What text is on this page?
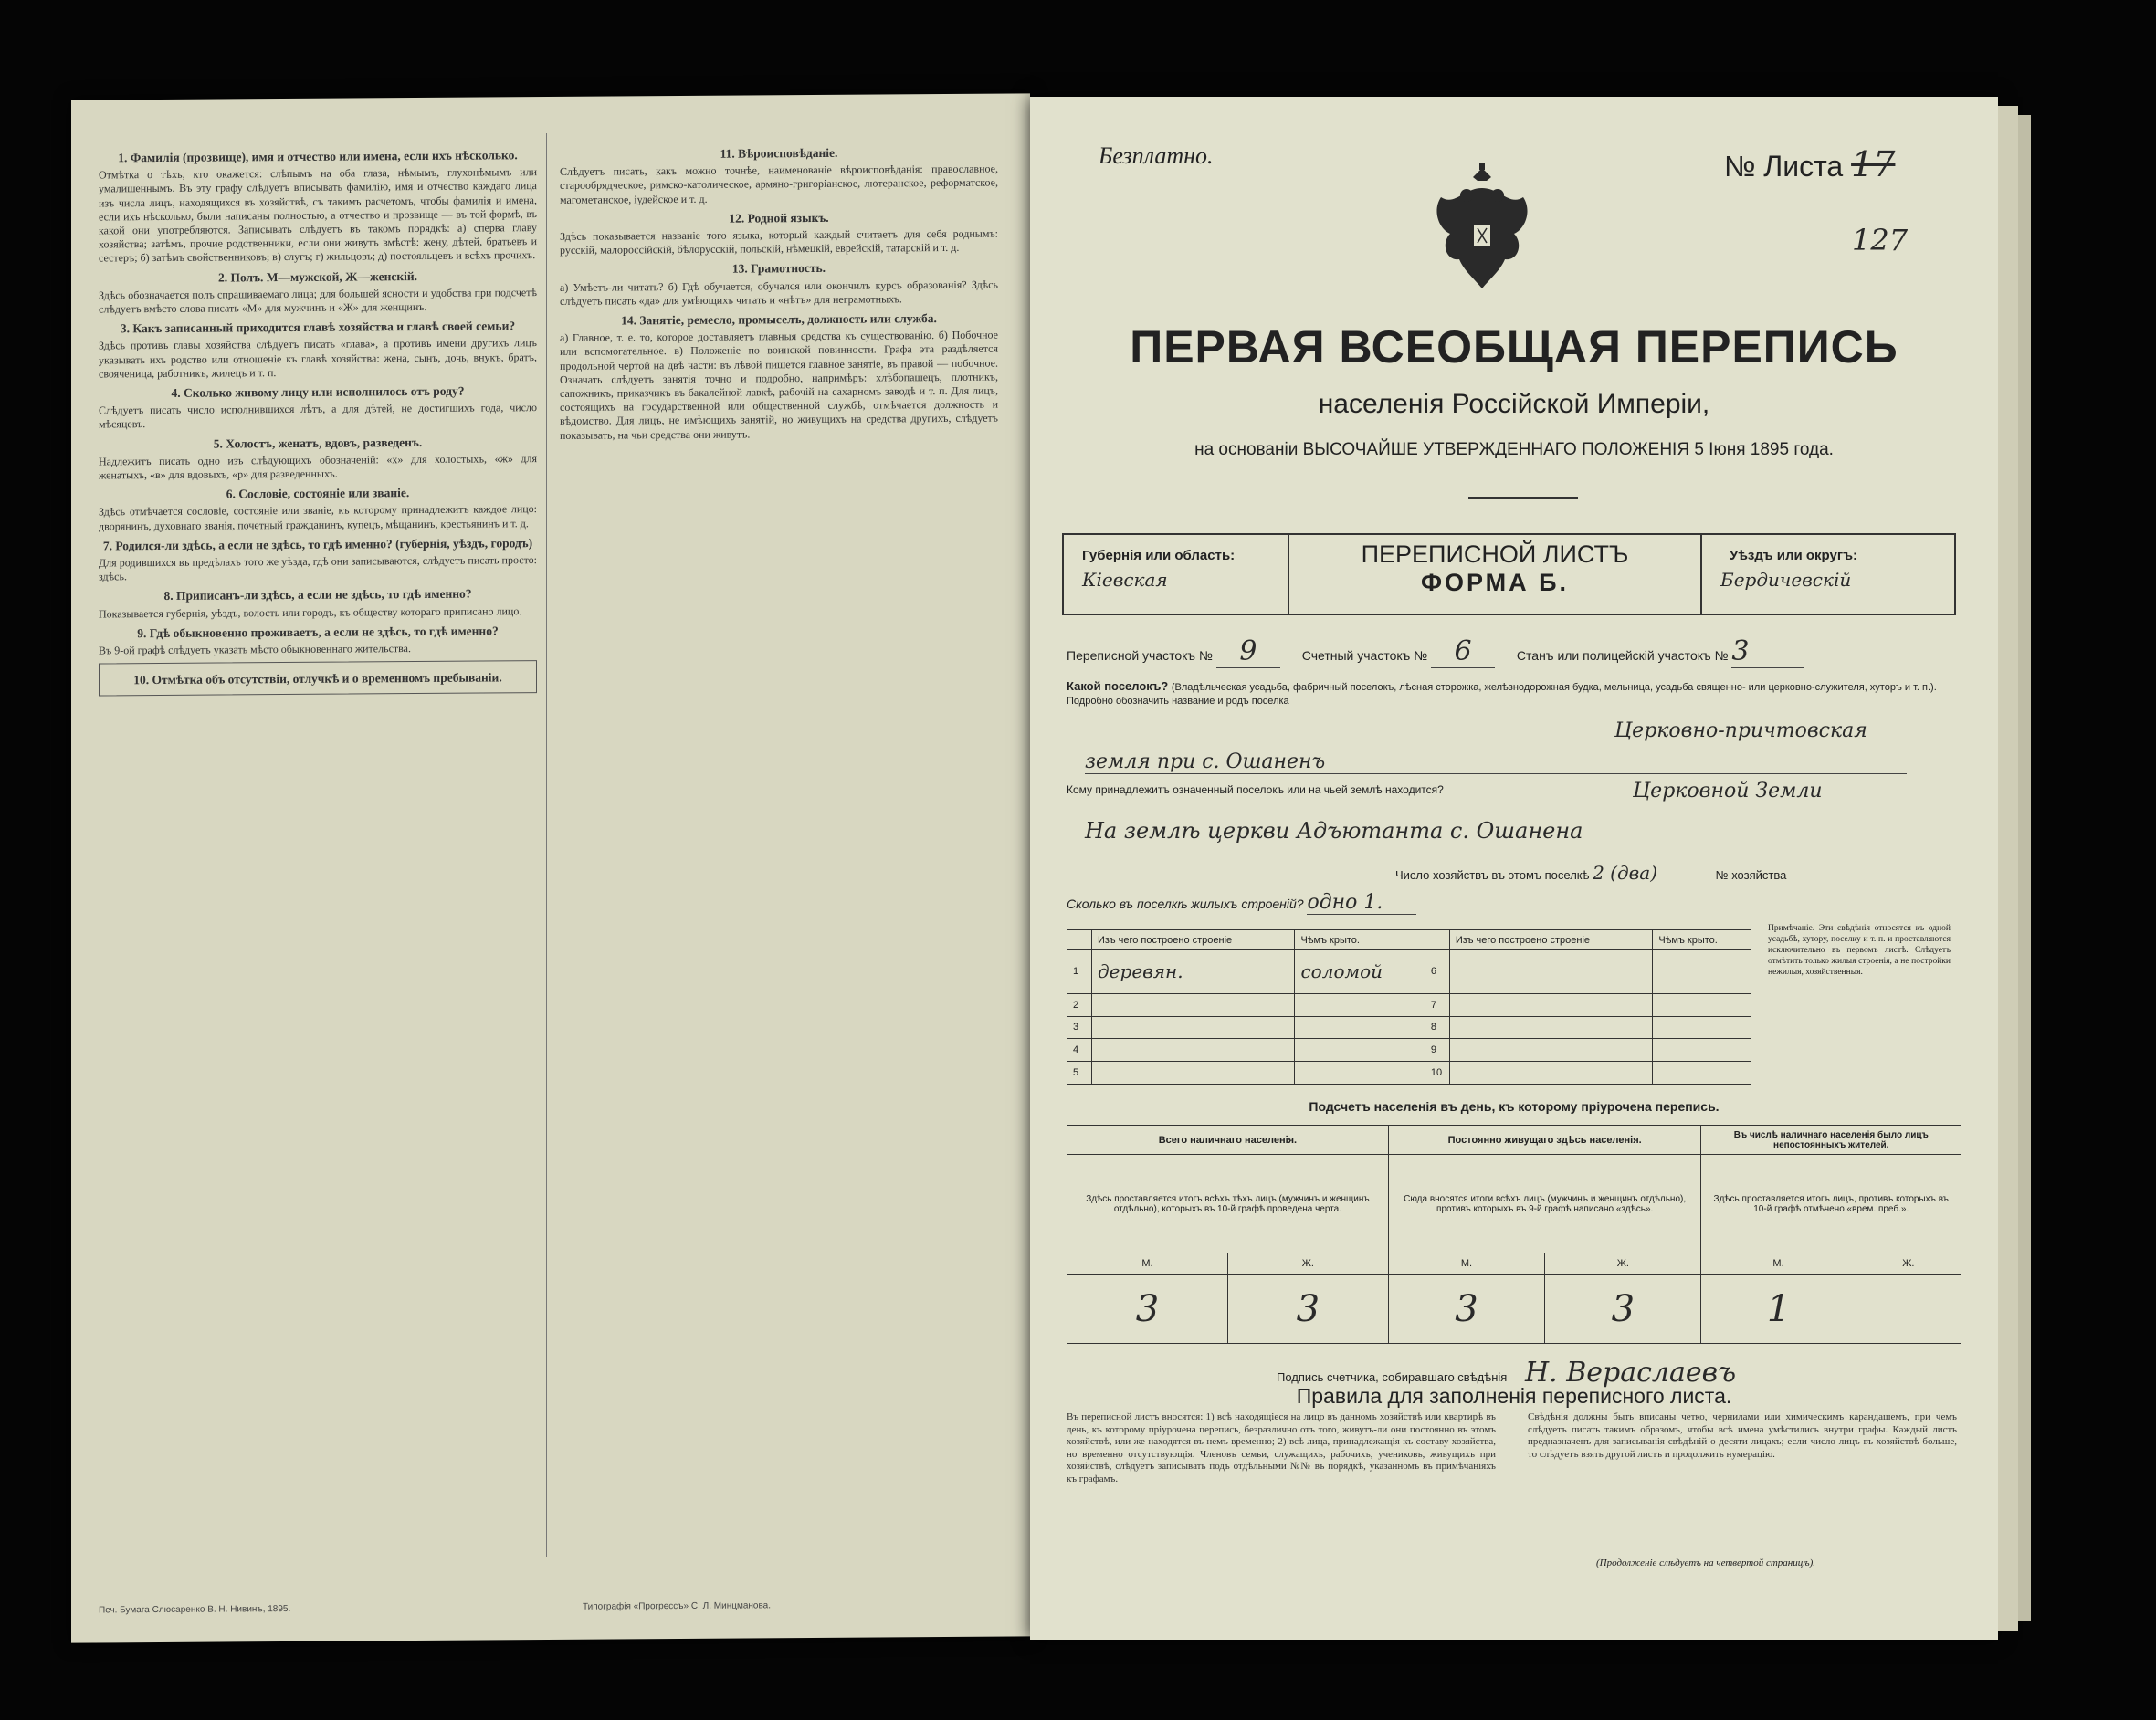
1. Фамилія (прозвище), имя и отчество или имена, если ихъ нѣсколько.

Отмѣтка о тѣхъ, кто окажется: слѣпымъ на оба глаза, нѣмымъ, глухонѣмымъ или умалишеннымъ. Въ эту графу слѣдуетъ вписывать фамилію, имя и отчество каждаго лица изъ числа лицъ, находящихся въ хозяйствѣ, съ такимъ расчетомъ, чтобы фамилія и имена, если ихъ нѣсколько, были написаны полностью, а отчество и прозвище — въ той формѣ, въ какой они употребляются. Записывать слѣдуетъ въ такомъ порядкѣ: а) сперва главу хозяйства; затѣмъ, прочие родственники, если они живутъ вмѣстѣ: жену, дѣтей, братьевъ и сестеръ; б) затѣмъ свойственниковъ; в) слугъ; г) жильцовъ; д) постояльцевъ и всѣхъ прочихъ.

2. Полъ. М—мужской, Ж—женскій.

Здѣсь обозначается полъ спрашиваемаго лица; для большей ясности и удобства при подсчетѣ слѣдуетъ вмѣсто слова писать «М» для мужчинъ и «Ж» для женщинъ.

3. Какъ записанный приходится главѣ хозяйства и главѣ своей семьи?

Здѣсь противъ главы хозяйства слѣдуетъ писать «глава», а противъ имени другихъ лицъ указывать ихъ родство или отношеніе къ главѣ хозяйства: жена, сынъ, дочь, внукъ, братъ, свояченица, работникъ, жилецъ и т. п.

4. Сколько живому лицу или исполнилось отъ роду?

Слѣдуетъ писать число исполнившихся лѣтъ, а для дѣтей, не достигшихъ года, число мѣсяцевъ.

5. Холостъ, женатъ, вдовъ, разведенъ.

Надлежитъ писать одно изъ слѣдующихъ обозначеній: «х» для холостыхъ, «ж» для женатыхъ, «в» для вдовыхъ, «р» для разведенныхъ.

6. Сословіе, состояніе или званіе.

Здѣсь отмѣчается сословіе, состояніе или званіе, къ которому принадлежитъ каждое лицо: дворянинъ, духовнаго званія, почетный гражданинъ, купецъ, мѣщанинъ, крестьянинъ и т. д.

7. Родился-ли здѣсь, а если не здѣсь, то гдѣ именно? (губернія, уѣздъ, городъ)

Для родившихся въ предѣлахъ того же уѣзда, гдѣ они записываются, слѣдуетъ писать просто: здѣсь.

8. Приписанъ-ли здѣсь, а если не здѣсь, то гдѣ именно?

Показывается губернія, уѣздъ, волость или городъ, къ обществу котораго приписано лицо.

9. Гдѣ обыкновенно проживаетъ, а если не здѣсь, то гдѣ именно?

Въ 9-ой графѣ слѣдуетъ указать мѣсто обыкновеннаго жительства.

10. Отмѣтка объ отсутствіи, отлучкѣ и о временномъ пребываніи.
11. Вѣроисповѣданіе.

Слѣдуетъ писать, какъ можно точнѣе, наименованіе вѣроисповѣданія: православное, старообрядческое, римско-католическое, армяно-григоріанское, лютеранское, реформатское, магометанское, іудейское и т. д.

12. Родной языкъ.

Здѣсь показывается названіе того языка, который каждый считаетъ для себя роднымъ: русскій, малороссійскій, бѣлорусскій, польскій, нѣмецкій, еврейскій, татарскій и т. д.

13. Грамотность.

а) Умѣетъ-ли читать? б) Гдѣ обучается, обучался или окончилъ курсъ образованія? Здѣсь слѣдуетъ писать «да» для умѣющихъ читать и «нѣтъ» для неграмотныхъ.

14. Занятіе, ремесло, промыселъ, должность или служба.

а) Главное, т. е. то, которое доставляетъ главныя средства къ существованію. б) Побочное или вспомогательное. в) Положеніе по воинской повинности. Графа эта раздѣляется продольной чертой на двѣ части: въ лѣвой пишется главное занятіе, въ правой — побочное. Означать слѣдуетъ занятія точно и подробно, напримѣръ: хлѣбопашецъ, плотникъ, сапожникъ, приказчикъ въ бакалейной лавкѣ, рабочій на сахарномъ заводѣ и т. п. Для лицъ, состоящихъ на государственной или общественной службѣ, отмѣчается должность и вѣдомство. Для лицъ, не имѣющихъ занятій, но живущихъ на средства другихъ, слѣдуетъ показывать, на чьи средства они живутъ.

Печ. Бумага Слюсаренко В. Н. Нивинъ, 1895.	Типографія «Прогрессъ» С. Л. Минцманова.
Безплатно.	№ Листа 17
127
ПЕРВАЯ ВСЕОБЩАЯ ПЕРЕПИСЬ
населенія Россійской Имперіи,
на основаніи ВЫСОЧАЙШЕ УТВЕРЖДЕННАГО ПОЛОЖЕНІЯ 5 Іюня 1895 года.
Губернія или область:
Кіевская
ПЕРЕПИСНОЙ ЛИСТЪ
ФОРМА Б.
Уѣздъ или округъ:
Бердичевскій
Переписной участокъ № 9	Счетный участокъ № 6	Станъ или полицейскій участокъ № 3
Какой поселокъ? (Владѣльческая усадьба, фабричный поселокъ, лѣсная сторожка, желѣзнодорожная будка, мельница, усадьба священно- или церковно-служителя, хуторъ и т. п.). Подробно обозначить название и родъ поселка
Церковно-причтовская
земля при с. Ошаненъ
Кому принадлежитъ означенный поселокъ или на чьей землѣ находится?	Церковной Земли
На землѣ церкви Адъютанта с. Ошанена
Число хозяйствъ въ этомъ поселкѣ 2 (два)	№ хозяйства
Сколько въ поселкѣ жилыхъ строеній? одно 1.
	Изъ чего построено строеніе	Чѣмъ крыто.		Изъ чего построено строеніе	Чѣмъ крыто.
1	деревян.	соломой	6		
2			7		
3			8		
4			9		
5			10		
Примѣчаніе. Эти свѣдѣнія относятся къ одной усадьбѣ, хутору, поселку и т. п. и проставляются исключительно въ первомъ листѣ. Слѣдуетъ отмѣтить только жилыя строенія, а не постройки нежилыя, хозяйственныя.
Подсчетъ населенія въ день, къ которому пріурочена перепись.
Всего наличнаго населенія.		Постоянно живущаго здѣсь населенія.		Въ числѣ наличнаго населенія было лицъ непостоянныхъ жителей.	
Здѣсь проставляется итогъ всѣхъ тѣхъ лицъ (мужчинъ и женщинъ отдѣльно), которыхъ въ 10-й графѣ проведена черта.		Сюда вносятся итоги всѣхъ лицъ (мужчинъ и женщинъ отдѣльно), противъ которыхъ въ 9-й графѣ написано «здѣсь».		Здѣсь проставляется итогъ лицъ, противъ которыхъ въ 10-й графѣ отмѣчено «врем. преб.».	
М.	Ж.	М.	Ж.	М.	Ж.
3	3	3	3	1	
Подпись счетчика, собиравшаго свѣдѣнія Н. Вераслаевъ
Правила для заполненія переписного листа.
Въ переписной листъ вносятся: 1) всѣ находящіеся на лицо въ данномъ хозяйствѣ или квартирѣ въ день, къ которому пріурочена перепись, безразлично отъ того, живутъ-ли они постоянно въ этомъ хозяйствѣ, или же находятся въ немъ временно; 2) всѣ лица, принадлежащія къ составу хозяйства, но временно отсутствующія. Членовъ семьи, служащихъ, рабочихъ, учениковъ, живущихъ при хозяйствѣ, слѣдуетъ записывать подъ отдѣльными №№ въ порядкѣ, указанномъ въ примѣчаніяхъ къ графамъ.
Свѣдѣнія должны быть вписаны четко, чернилами или химическимъ карандашемъ, при чемъ слѣдуетъ писать такимъ образомъ, чтобы всѣ имена умѣстились внутри графы. Каждый листъ предназначенъ для записыванія свѣдѣній о десяти лицахъ; если число лицъ въ хозяйствѣ больше, то слѣдуетъ взять другой листъ и продолжить нумерацію.
(Продолженіе слѣдуетъ на четвертой страницѣ).
